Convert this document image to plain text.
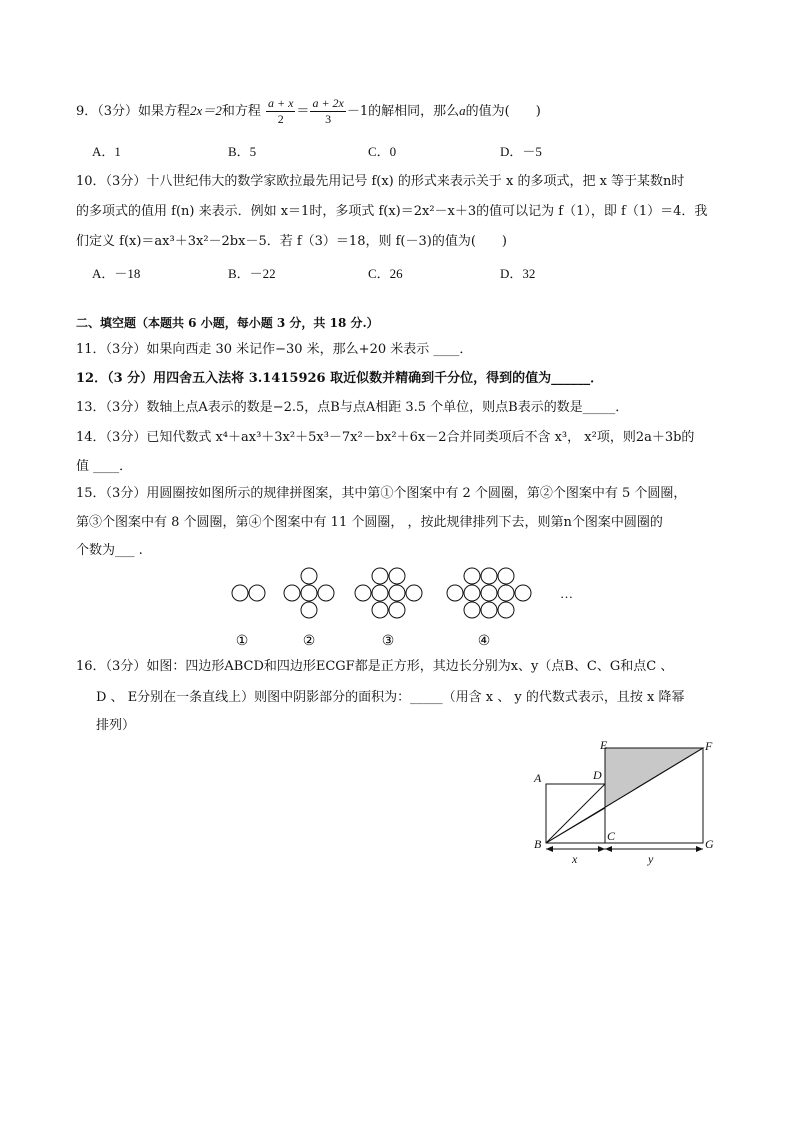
9．（3分）如果方程2x＝2和方程 $\frac{a + x}{2} = \frac{a + 2x}{3} -1$的解相同，那么a的值为(　　)
A．1	B．5	C．0	D．－5
10．（3分）十八世纪伟大的数学家欧拉最先用记号 f(x) 的形式来表示关于 x 的多项式，把 x 等于某数n时
的多项式的值用 f(n) 来表示．例如 x＝1时，多项式 f(x)＝2x²－x＋3的值可以记为 f（1），即 f（1）＝4．我
们定义 f(x)＝ax³＋3x²－2bx－5．若 f（3）＝18，则 f(－3)的值为(　　)
A．－18	B．－22	C．26	D．32
二、填空题（本题共 6 小题，每小题 3 分，共 18 分.）
11．（3分）如果向西走 30 米记作−30 米，那么+20 米表示 ____．
12．（3 分）用四舍五入法将 3.1415926 取近似数并精确到千分位，得到的值为______．
13．（3分）数轴上点A表示的数是−2.5，点B与点A相距 3.5 个单位，则点B表示的数是_____．
14．（3分）已知代数式 x⁴＋ax³＋3x²＋5x³－7x²－bx²＋6x－2合并同类项后不含 x³， x²项，则2a＋3b的
值 ____．
15．（3分）用圆圈按如图所示的规律拼图案，其中第①个图案中有 2 个圆圈，第②个图案中有 5 个圆圈，
第③个图案中有 8 个圆圈，第④个图案中有 11 个圆圈， ，按此规律排列下去，则第n个图案中圆圈的
个数为___ .
…
①	②	③	④
16．（3分）如图：四边形ABCD和四边形ECGF都是正方形，其边长分别为x、y（点B、C、G和点C 、
D 、 E分别在一条直线上）则图中阴影部分的面积为：_____（用含 x 、 y 的代数式表示，且按 x 降幂
排列）
A
B
C
D
E	F
G
x	y
